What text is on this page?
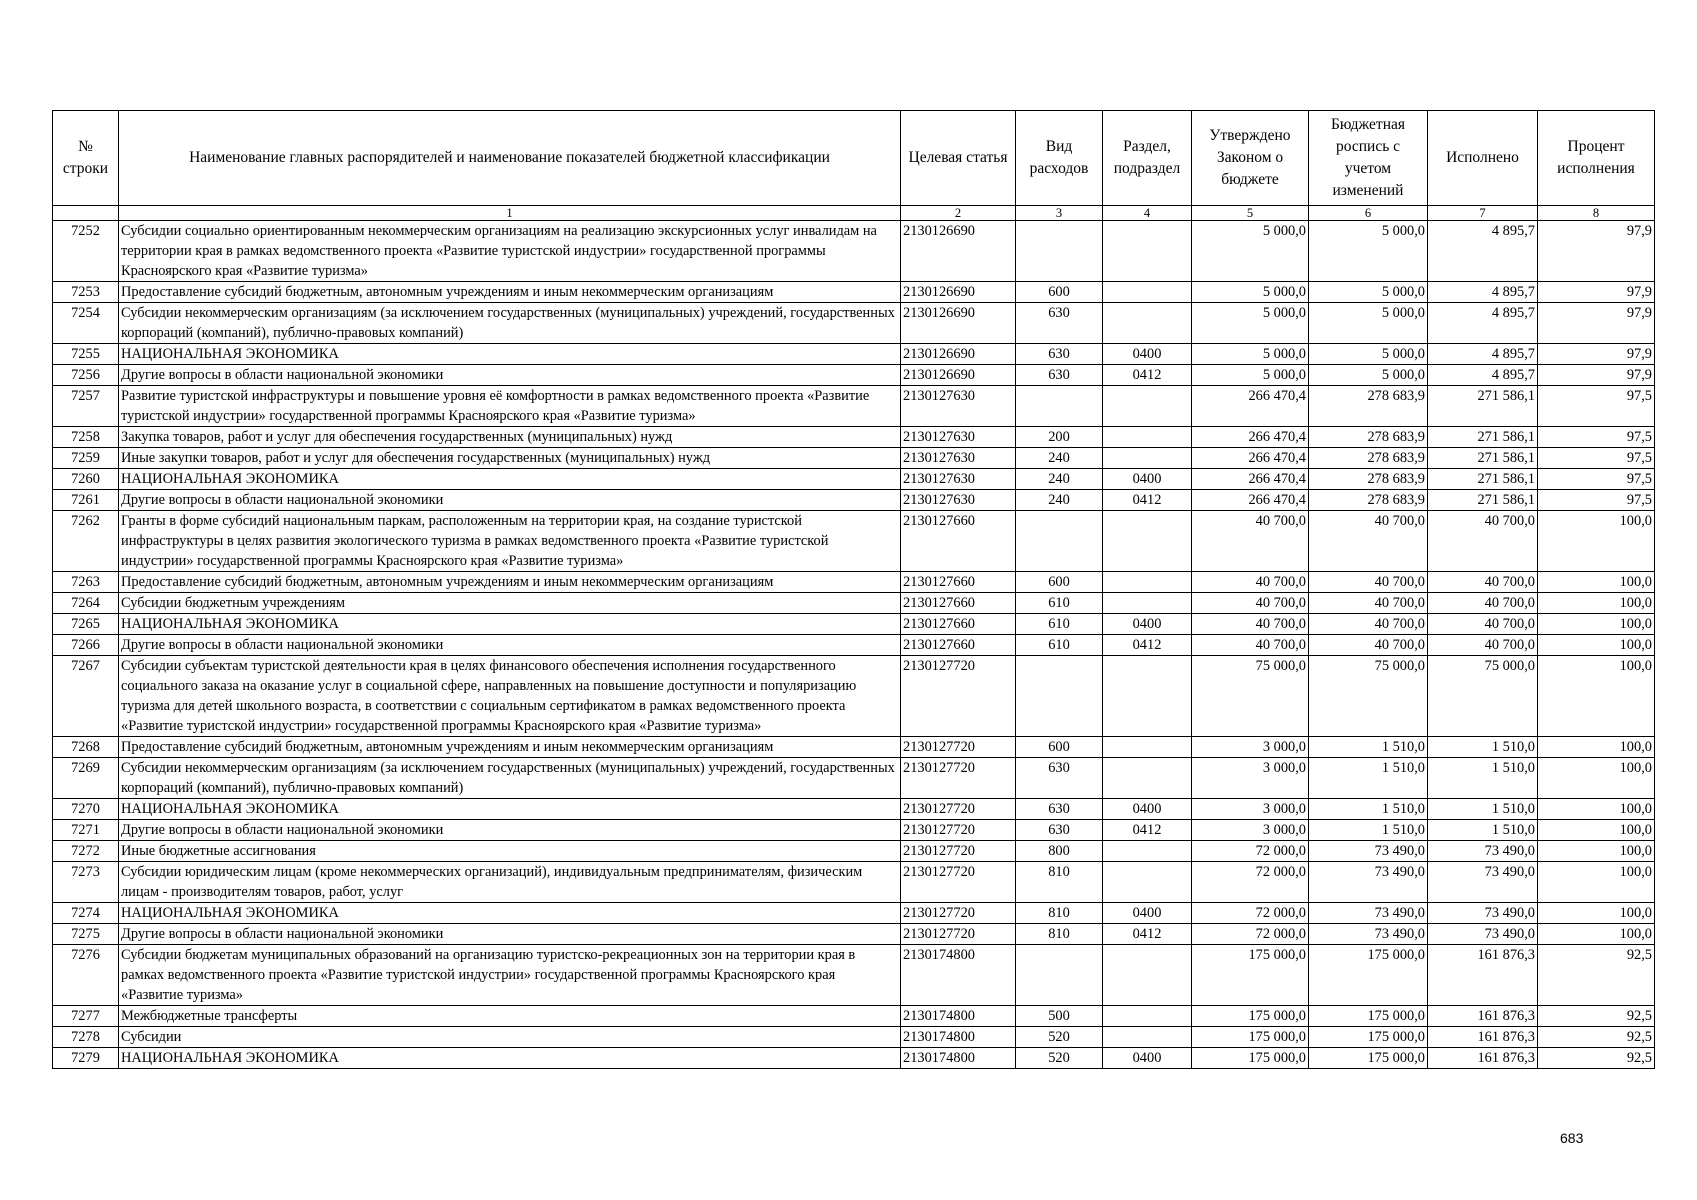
№ строки	Наименование главных распорядителей и наименование показателей бюджетной классификации	Целевая статья	Вид расходов	Раздел, подраздел	Утверждено Законом о бюджете	Бюджетная роспись с учетом изменений	Исполнено	Процент исполнения
	1	2	3	4	5	6	7	8
7252	Субсидии социально ориентированным некоммерческим организациям на реализацию экскурсионных услуг инвалидам на территории края в рамках ведомственного проекта «Развитие туристской индустрии» государственной программы Красноярского края «Развитие туризма»	2130126690			5 000,0	5 000,0	4 895,7	97,9
7253	Предоставление субсидий бюджетным, автономным учреждениям и иным некоммерческим организациям	2130126690	600		5 000,0	5 000,0	4 895,7	97,9
7254	Субсидии некоммерческим организациям (за исключением государственных (муниципальных) учреждений, государственных корпораций (компаний), публично-правовых компаний)	2130126690	630		5 000,0	5 000,0	4 895,7	97,9
7255	НАЦИОНАЛЬНАЯ ЭКОНОМИКА	2130126690	630	0400	5 000,0	5 000,0	4 895,7	97,9
7256	Другие вопросы в области национальной экономики	2130126690	630	0412	5 000,0	5 000,0	4 895,7	97,9
7257	Развитие туристской инфраструктуры и повышение уровня её комфортности в рамках ведомственного проекта «Развитие туристской индустрии» государственной программы Красноярского края «Развитие туризма»	2130127630			266 470,4	278 683,9	271 586,1	97,5
7258	Закупка товаров, работ и услуг для обеспечения государственных (муниципальных) нужд	2130127630	200		266 470,4	278 683,9	271 586,1	97,5
7259	Иные закупки товаров, работ и услуг для обеспечения государственных (муниципальных) нужд	2130127630	240		266 470,4	278 683,9	271 586,1	97,5
7260	НАЦИОНАЛЬНАЯ ЭКОНОМИКА	2130127630	240	0400	266 470,4	278 683,9	271 586,1	97,5
7261	Другие вопросы в области национальной экономики	2130127630	240	0412	266 470,4	278 683,9	271 586,1	97,5
7262	Гранты в форме субсидий национальным паркам, расположенным на территории края, на создание туристской инфраструктуры в целях развития экологического туризма в рамках ведомственного проекта «Развитие туристской индустрии» государственной программы Красноярского края «Развитие туризма»	2130127660			40 700,0	40 700,0	40 700,0	100,0
7263	Предоставление субсидий бюджетным, автономным учреждениям и иным некоммерческим организациям	2130127660	600		40 700,0	40 700,0	40 700,0	100,0
7264	Субсидии бюджетным учреждениям	2130127660	610		40 700,0	40 700,0	40 700,0	100,0
7265	НАЦИОНАЛЬНАЯ ЭКОНОМИКА	2130127660	610	0400	40 700,0	40 700,0	40 700,0	100,0
7266	Другие вопросы в области национальной экономики	2130127660	610	0412	40 700,0	40 700,0	40 700,0	100,0
7267	Субсидии субъектам туристской деятельности края в целях финансового обеспечения исполнения государственного социального заказа на оказание услуг в социальной сфере, направленных на повышение доступности и популяризацию туризма для детей школьного возраста, в соответствии с социальным сертификатом в рамках ведомственного проекта «Развитие туристской индустрии» государственной программы Красноярского края «Развитие туризма»	2130127720			75 000,0	75 000,0	75 000,0	100,0
7268	Предоставление субсидий бюджетным, автономным учреждениям и иным некоммерческим организациям	2130127720	600		3 000,0	1 510,0	1 510,0	100,0
7269	Субсидии некоммерческим организациям (за исключением государственных (муниципальных) учреждений, государственных корпораций (компаний), публично-правовых компаний)	2130127720	630		3 000,0	1 510,0	1 510,0	100,0
7270	НАЦИОНАЛЬНАЯ ЭКОНОМИКА	2130127720	630	0400	3 000,0	1 510,0	1 510,0	100,0
7271	Другие вопросы в области национальной экономики	2130127720	630	0412	3 000,0	1 510,0	1 510,0	100,0
7272	Иные бюджетные ассигнования	2130127720	800		72 000,0	73 490,0	73 490,0	100,0
7273	Субсидии юридическим лицам (кроме некоммерческих организаций), индивидуальным предпринимателям, физическим лицам - производителям товаров, работ, услуг	2130127720	810		72 000,0	73 490,0	73 490,0	100,0
7274	НАЦИОНАЛЬНАЯ ЭКОНОМИКА	2130127720	810	0400	72 000,0	73 490,0	73 490,0	100,0
7275	Другие вопросы в области национальной экономики	2130127720	810	0412	72 000,0	73 490,0	73 490,0	100,0
7276	Субсидии бюджетам муниципальных образований на организацию туристско-рекреационных зон на территории края в рамках ведомственного проекта «Развитие туристской индустрии» государственной программы Красноярского края «Развитие туризма»	2130174800			175 000,0	175 000,0	161 876,3	92,5
7277	Межбюджетные трансферты	2130174800	500		175 000,0	175 000,0	161 876,3	92,5
7278	Субсидии	2130174800	520		175 000,0	175 000,0	161 876,3	92,5
7279	НАЦИОНАЛЬНАЯ ЭКОНОМИКА	2130174800	520	0400	175 000,0	175 000,0	161 876,3	92,5
683
